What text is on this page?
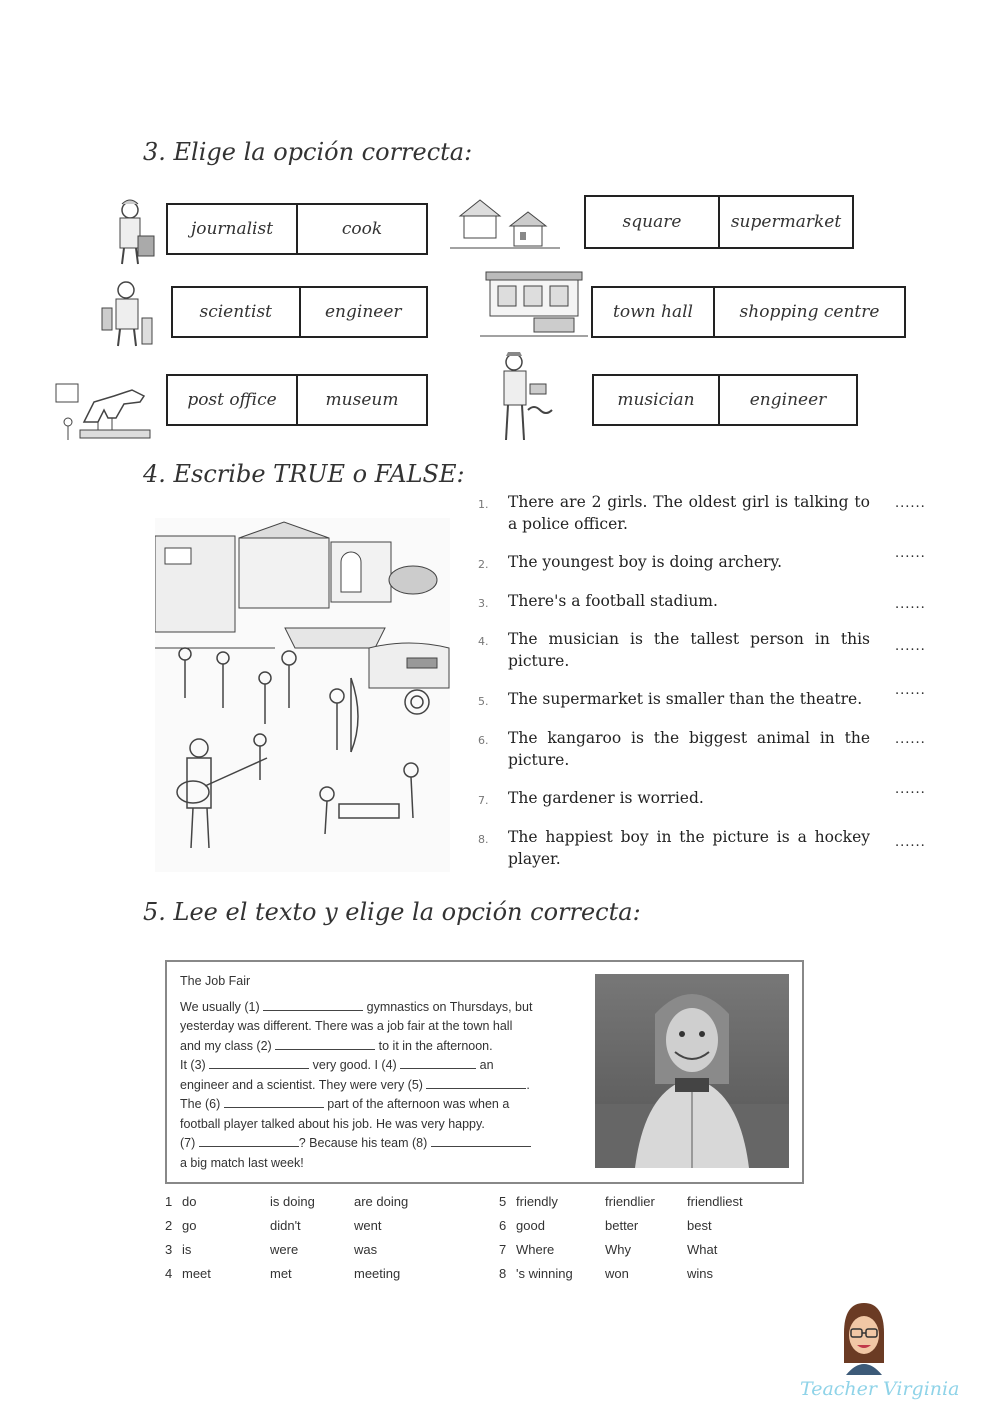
3. Elige la opción correcta:
journalist	cook	square	supermarket
scientist	engineer	town hall	shopping centre
post office	museum	musician	engineer
4. Escribe TRUE o FALSE:
1. There are 2 girls. The oldest girl is talking to a police officer.
......
2. The youngest boy is doing archery.	......
3. There's a football stadium.	......
4. The musician is the tallest person in this picture.
......
5. The supermarket is smaller than the theatre.	......
6. The kangaroo is the biggest animal in the picture.
......
7. The gardener is worried.	......
8. The happiest boy in the picture is a hockey player.
......
5. Lee el texto y elige la opción correcta:
The Job Fair
We usually (1)	gymnastics on Thursdays, but
yesterday was different. There was a job fair at the town hall
and my class (2)	to it in the afternoon.
It (3)	very good. I (4)	an
engineer and a scientist. They were very (5)	.
The (6)	part of the afternoon was when a
football player talked about his job. He was very happy.
(7)	? Because his team (8)
a big match last week!
1 do	is doing	are doing
2 go	didn't	went
3 is	were	was
4 meet	met	meeting
5 friendly	friendlier friendliest
6 good	better	best
7 Where	Why	What
8 's winning won	wins
Teacher Virginia
